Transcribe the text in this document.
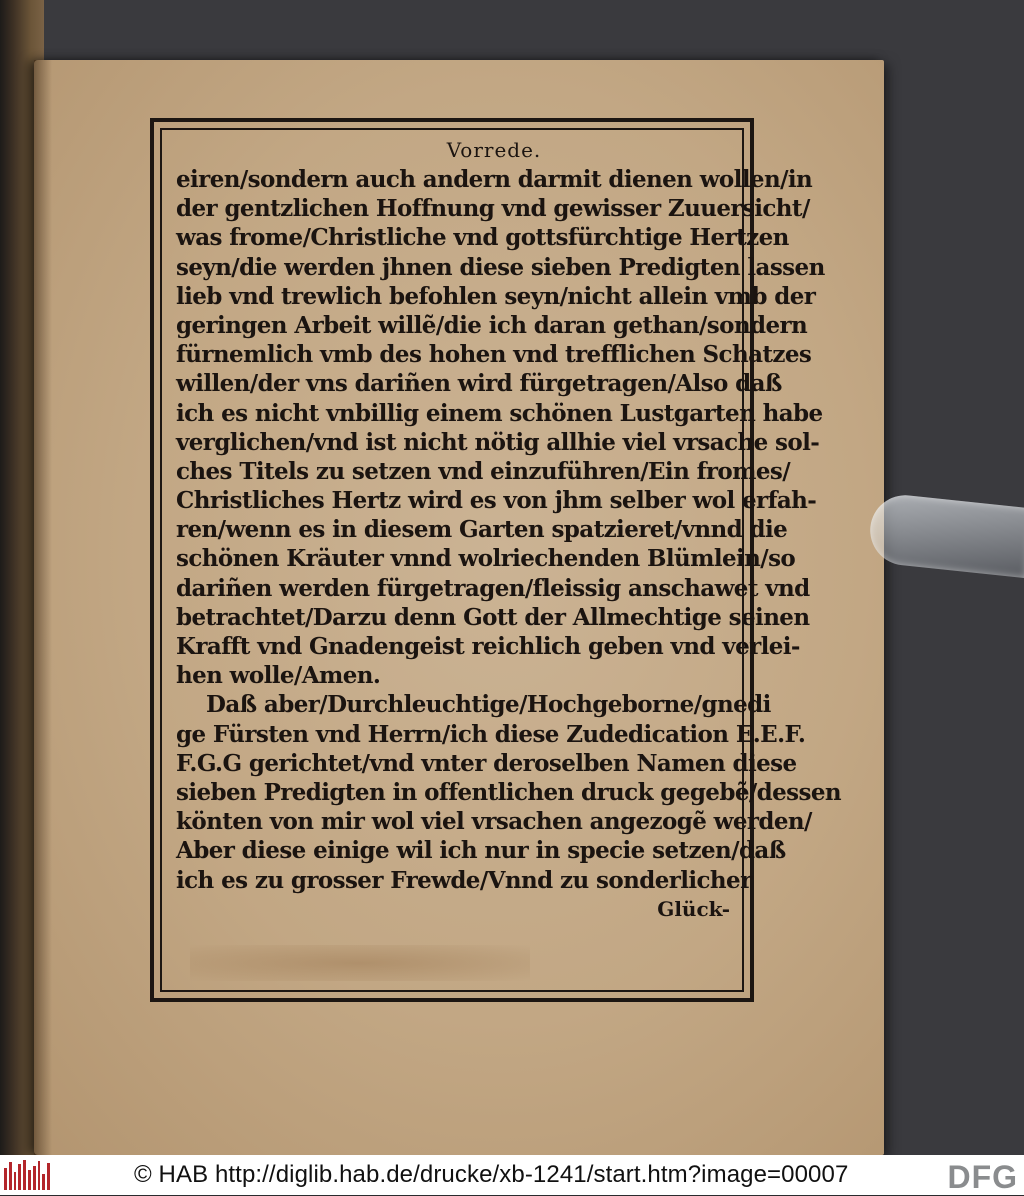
Vorrede.
eiren/sondern auch andern darmit dienen wollen/in
der gentzlichen Hoffnung vnd gewisser Zuuersicht/
was frome/Christliche vnd gottsfürchtige Hertzen
seyn/die werden jhnen diese sieben Predigten lassen
lieb vnd trewlich befohlen seyn/nicht allein vmb der
geringen Arbeit willẽ/die ich daran gethan/sondern
fürnemlich vmb des hohen vnd trefflichen Schatzes
willen/der vns dariñen wird fürgetragen/Also daß
ich es nicht vnbillig einem schönen Lustgarten habe
verglichen/vnd ist nicht nötig allhie viel vrsache sol-
ches Titels zu setzen vnd einzuführen/Ein fromes/
Christliches Hertz wird es von jhm selber wol erfah-
ren/wenn es in diesem Garten spatzieret/vnnd die
schönen Kräuter vnnd wolriechenden Blümlein/so
dariñen werden fürgetragen/fleissig anschawet vnd
betrachtet/Darzu denn Gott der Allmechtige seinen
Krafft vnd Gnadengeist reichlich geben vnd verlei-
hen wolle/Amen.
Daß aber/Durchleuchtige/Hochgeborne/gnedi
ge Fürsten vnd Herrn/ich diese Zudedication E.E.F.
F.G.G gerichtet/vnd vnter deroselben Namen diese
sieben Predigten in offentlichen druck gegebẽ/dessen
könten von mir wol viel vrsachen angezogẽ werden/
Aber diese einige wil ich nur in specie setzen/daß
ich es zu grosser Frewde/Vnnd zu sonderlicher
Glück-
© HAB http://diglib.hab.de/drucke/xb-1241/start.htm?image=00007	DFG
